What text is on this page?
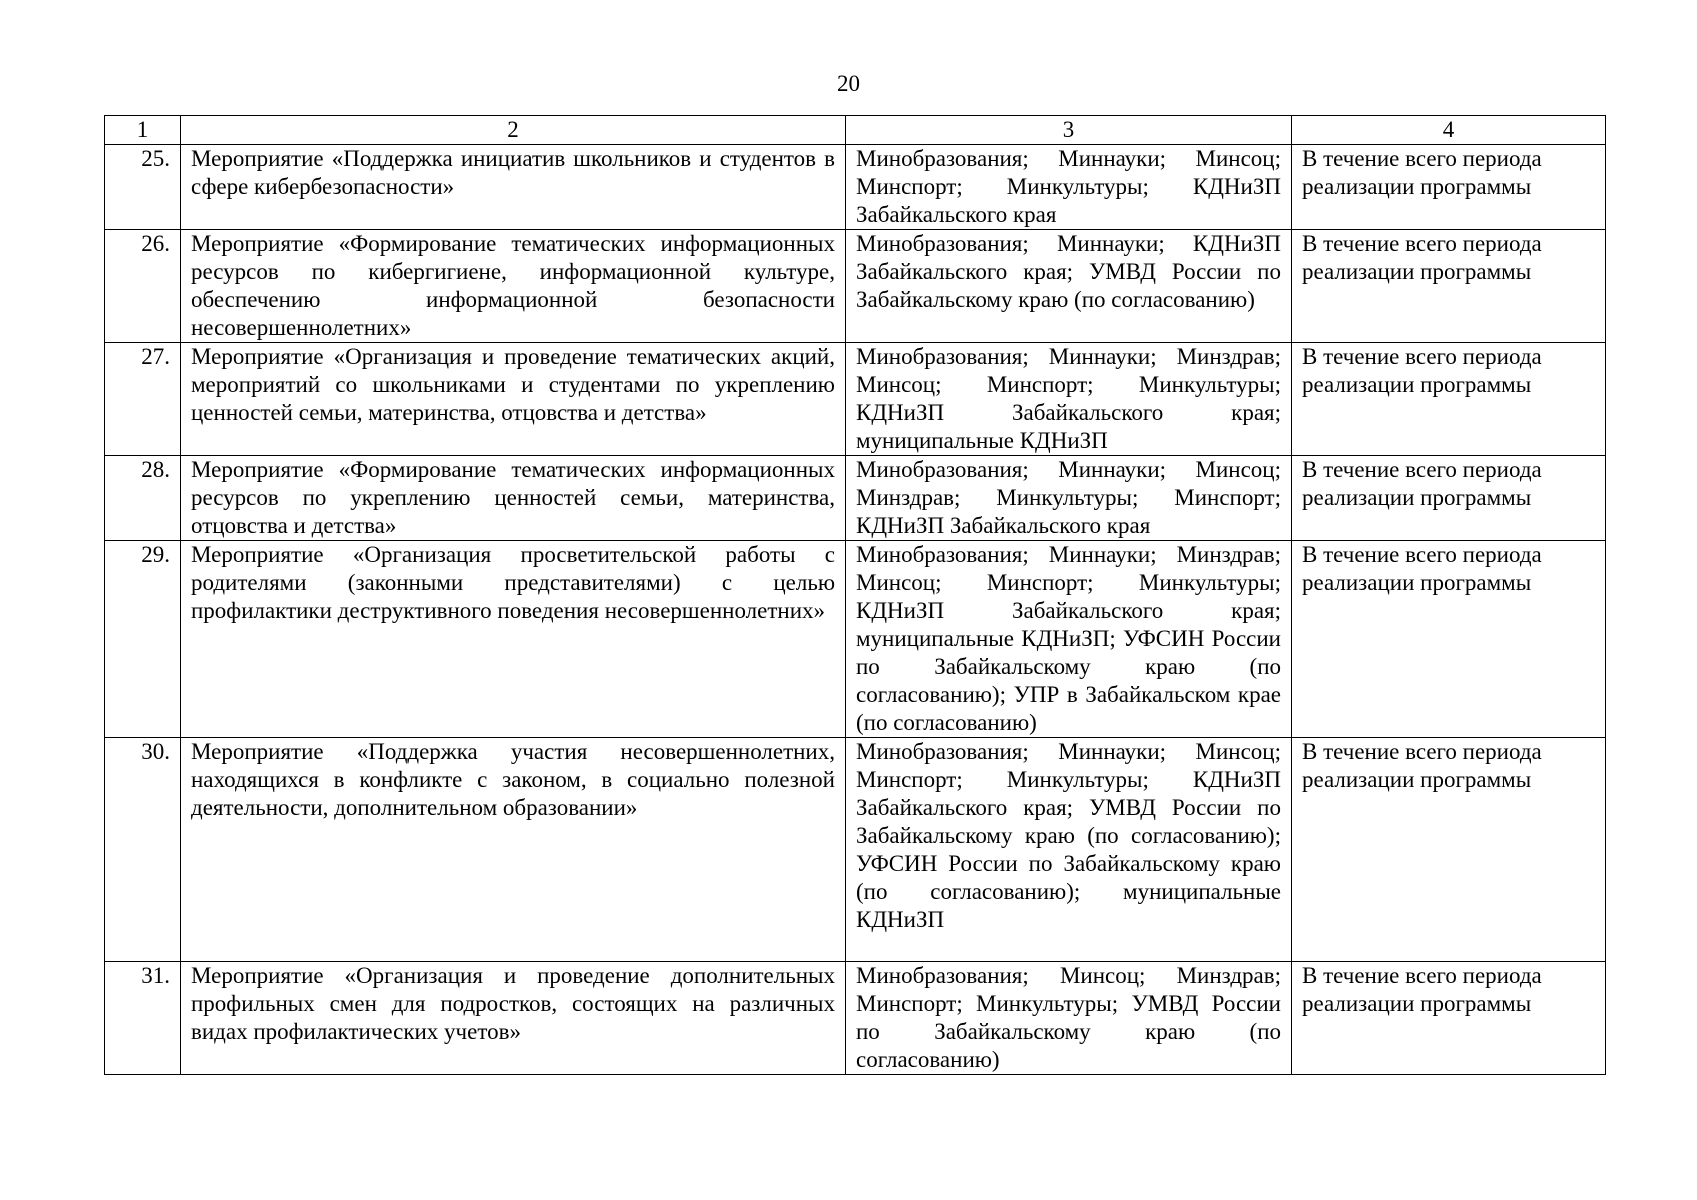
20
1	2	3	4
25.	Мероприятие «Поддержка инициатив школьников и студентов в сфере кибербезопасности»	Минобразования; Миннауки; Минсоц; Минспорт; Минкультуры; КДНиЗП Забайкальского края	В течение всего периода реализации программы
26.	Мероприятие «Формирование тематических информационных ресурсов по кибергигиене, информационной культуре, обеспечению информационной безопасности несовершеннолетних»	Минобразования; Миннауки; КДНиЗП Забайкальского края; УМВД России по Забайкальскому краю (по согласованию)	В течение всего периода реализации программы
27.	Мероприятие «Организация и проведение тематических акций, мероприятий со школьниками и студентами по укреплению ценностей семьи, материнства, отцовства и детства»	Минобразования; Миннауки; Минздрав; Минсоц; Минспорт; Минкультуры; КДНиЗП Забайкальского края; муниципальные КДНиЗП	В течение всего периода реализации программы
28.	Мероприятие «Формирование тематических информационных ресурсов по укреплению ценностей семьи, материнства, отцовства и детства»	Минобразования; Миннауки; Минсоц; Минздрав; Минкультуры; Минспорт; КДНиЗП Забайкальского края	В течение всего периода реализации программы
29.	Мероприятие «Организация просветительской работы с родителями (законными представителями) с целью профилактики деструктивного поведения несовершеннолетних»	Минобразования; Миннауки; Минздрав; Минсоц; Минспорт; Минкультуры; КДНиЗП Забайкальского края; муниципальные КДНиЗП; УФСИН России по Забайкальскому краю (по согласованию); УПР в Забайкальском крае (по согласованию)	В течение всего периода реализации программы
30.	Мероприятие «Поддержка участия несовершеннолетних, находящихся в конфликте с законом, в социально полезной деятельности, дополнительном образовании»	Минобразования; Миннауки; Минсоц; Минспорт; Минкультуры; КДНиЗП Забайкальского края; УМВД России по Забайкальскому краю (по согласованию); УФСИН России по Забайкальскому краю (по согласованию); муниципальные КДНиЗП	В течение всего периода реализации программы
31.	Мероприятие «Организация и проведение дополнительных профильных смен для подростков, состоящих на различных видах профилактических учетов»	Минобразования; Минсоц; Минздрав; Минспорт; Минкультуры; УМВД России по Забайкальскому краю (по согласованию)	В течение всего периода реализации программы
